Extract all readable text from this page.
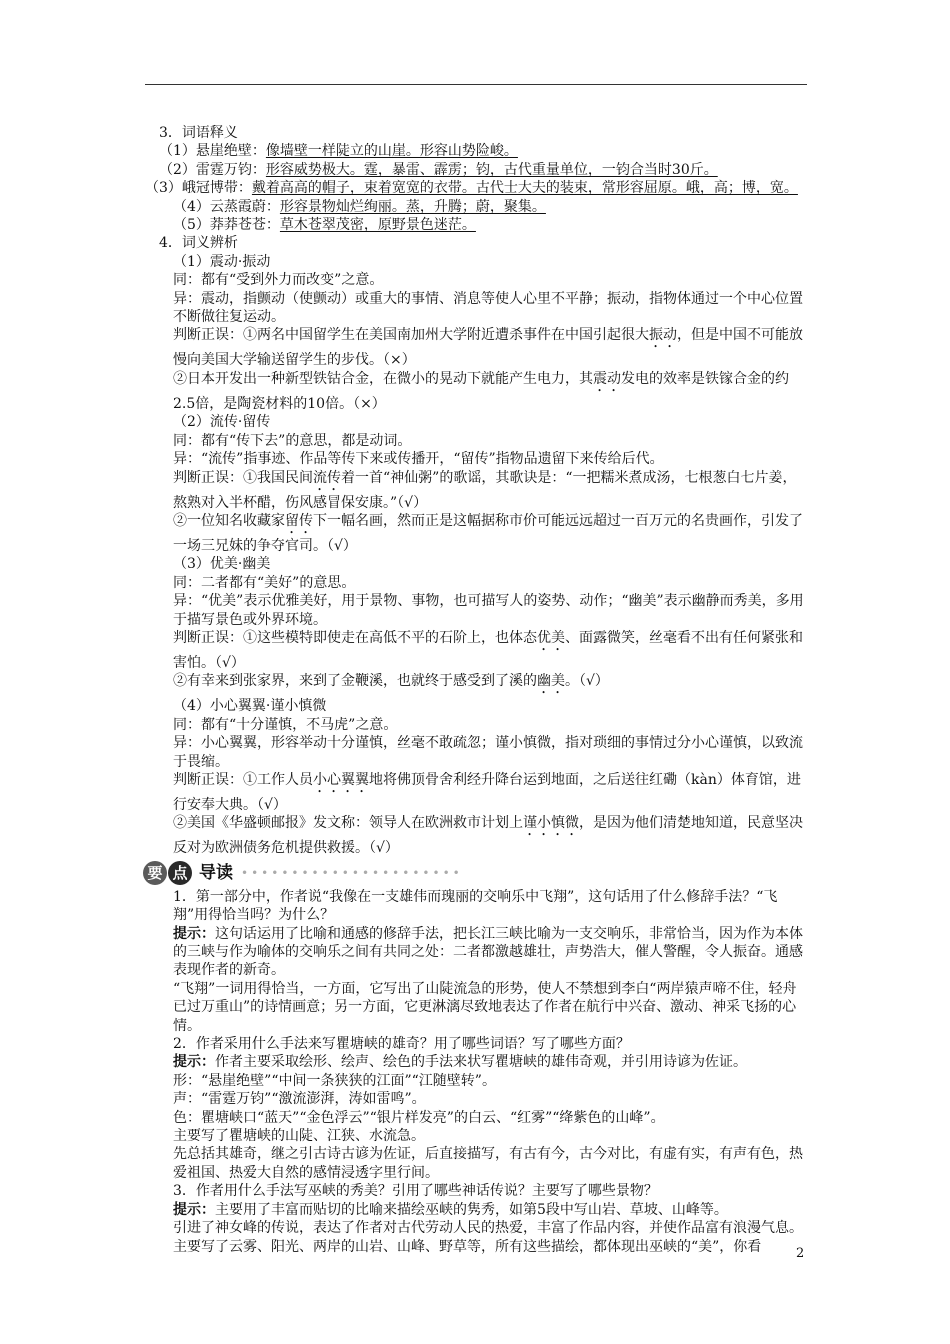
3．词语释义

（1）悬崖绝壁：像墙壁一样陡立的山崖。形容山势险峻。

（2）雷霆万钧：形容威势极大。霆，暴雷、霹雳；钧，古代重量单位，一钧合当时30斤。

（3）峨冠博带：戴着高高的帽子，束着宽宽的衣带。古代士大夫的装束，常形容屈原。峨，高；博，宽。

（4）云蒸霞蔚：形容景物灿烂绚丽。蒸，升腾；蔚，聚集。

（5）莽莽苍苍：草木苍翠茂密，原野景色迷茫。

4．词义辨析

（1）震动·振动

同：都有“受到外力而改变”之意。

异：震动，指颤动（使颤动）或重大的事情、消息等使人心里不平静；振动，指物体通过一个中心位置不断做往复运动。

判断正误：①两名中国留学生在美国南加州大学附近遭杀事件在中国引起很大振动，但是中国不可能放慢向美国大学输送留学生的步伐。（×）

②日本开发出一种新型铁钴合金，在微小的晃动下就能产生电力，其震动发电的效率是铁镓合金的约2.5倍，是陶瓷材料的10倍。（×）

（2）流传·留传

同：都有“传下去”的意思，都是动词。

异：“流传”指事迹、作品等传下来或传播开，“留传”指物品遗留下来传给后代。

判断正误：①我国民间流传着一首“神仙粥”的歌谣，其歌诀是：“一把糯米煮成汤，七根葱白七片姜，熬熟对入半杯醋，伤风感冒保安康。”（√）

②一位知名收藏家留传下一幅名画，然而正是这幅据称市价可能远远超过一百万元的名贵画作，引发了一场三兄妹的争夺官司。（√）

（3）优美·幽美

同：二者都有“美好”的意思。

异：“优美”表示优雅美好，用于景物、事物，也可描写人的姿势、动作；“幽美”表示幽静而秀美，多用于描写景色或外界环境。

判断正误：①这些模特即使走在高低不平的石阶上，也体态优美、面露微笑，丝毫看不出有任何紧张和害怕。（√）

②有幸来到张家界，来到了金鞭溪，也就终于感受到了溪的幽美。（√）

（4）小心翼翼·谨小慎微

同：都有“十分谨慎，不马虎”之意。

异：小心翼翼，形容举动十分谨慎，丝毫不敢疏忽；谨小慎微，指对琐细的事情过分小心谨慎，以致流于畏缩。

判断正误：①工作人员小心翼翼地将佛顶骨舍利经升降台运到地面，之后送往红磡（kàn）体育馆，进行安奉大典。（√）

②美国《华盛顿邮报》发文称：领导人在欧洲救市计划上谨小慎微，是因为他们清楚地知道，民意坚决反对为欧洲债务危机提供救援。（√）

要 点 导读 ••••••••••••••••••••••

1．第一部分中，作者说“我像在一支雄伟而瑰丽的交响乐中飞翔”，这句话用了什么修辞手法？“飞翔”用得恰当吗？为什么？

提示：这句话运用了比喻和通感的修辞手法，把长江三峡比喻为一支交响乐，非常恰当，因为作为本体的三峡与作为喻体的交响乐之间有共同之处：二者都激越雄壮，声势浩大，催人警醒，令人振奋。通感表现作者的新奇。

“飞翔”一词用得恰当，一方面，它写出了山陡流急的形势，使人不禁想到李白“两岸猿声啼不住，轻舟已过万重山”的诗情画意；另一方面，它更淋漓尽致地表达了作者在航行中兴奋、激动、神采飞扬的心情。

2．作者采用什么手法来写瞿塘峡的雄奇？用了哪些词语？写了哪些方面？

提示：作者主要采取绘形、绘声、绘色的手法来状写瞿塘峡的雄伟奇观，并引用诗谚为佐证。

形：“悬崖绝壁”“中间一条狭狭的江面”“江随壁转”。

声：“雷霆万钧”“激流澎湃，涛如雷鸣”。

色：瞿塘峡口“蓝天”“金色浮云”“银片样发亮”的白云、“红雾”“绛紫色的山峰”。

主要写了瞿塘峡的山陡、江狭、水流急。

先总括其雄奇，继之引古诗古谚为佐证，后直接描写，有古有今，古今对比，有虚有实，有声有色，热爱祖国、热爱大自然的感情浸透字里行间。

3．作者用什么手法写巫峡的秀美？引用了哪些神话传说？主要写了哪些景物？

提示：主要用了丰富而贴切的比喻来描绘巫峡的隽秀，如第5段中写山岩、草坡、山峰等。

引进了神女峰的传说，表达了作者对古代劳动人民的热爱，丰富了作品内容，并使作品富有浪漫气息。

主要写了云雾、阳光、两岸的山岩、山峰、野草等，所有这些描绘，都体现出巫峡的“美”，你看	2
